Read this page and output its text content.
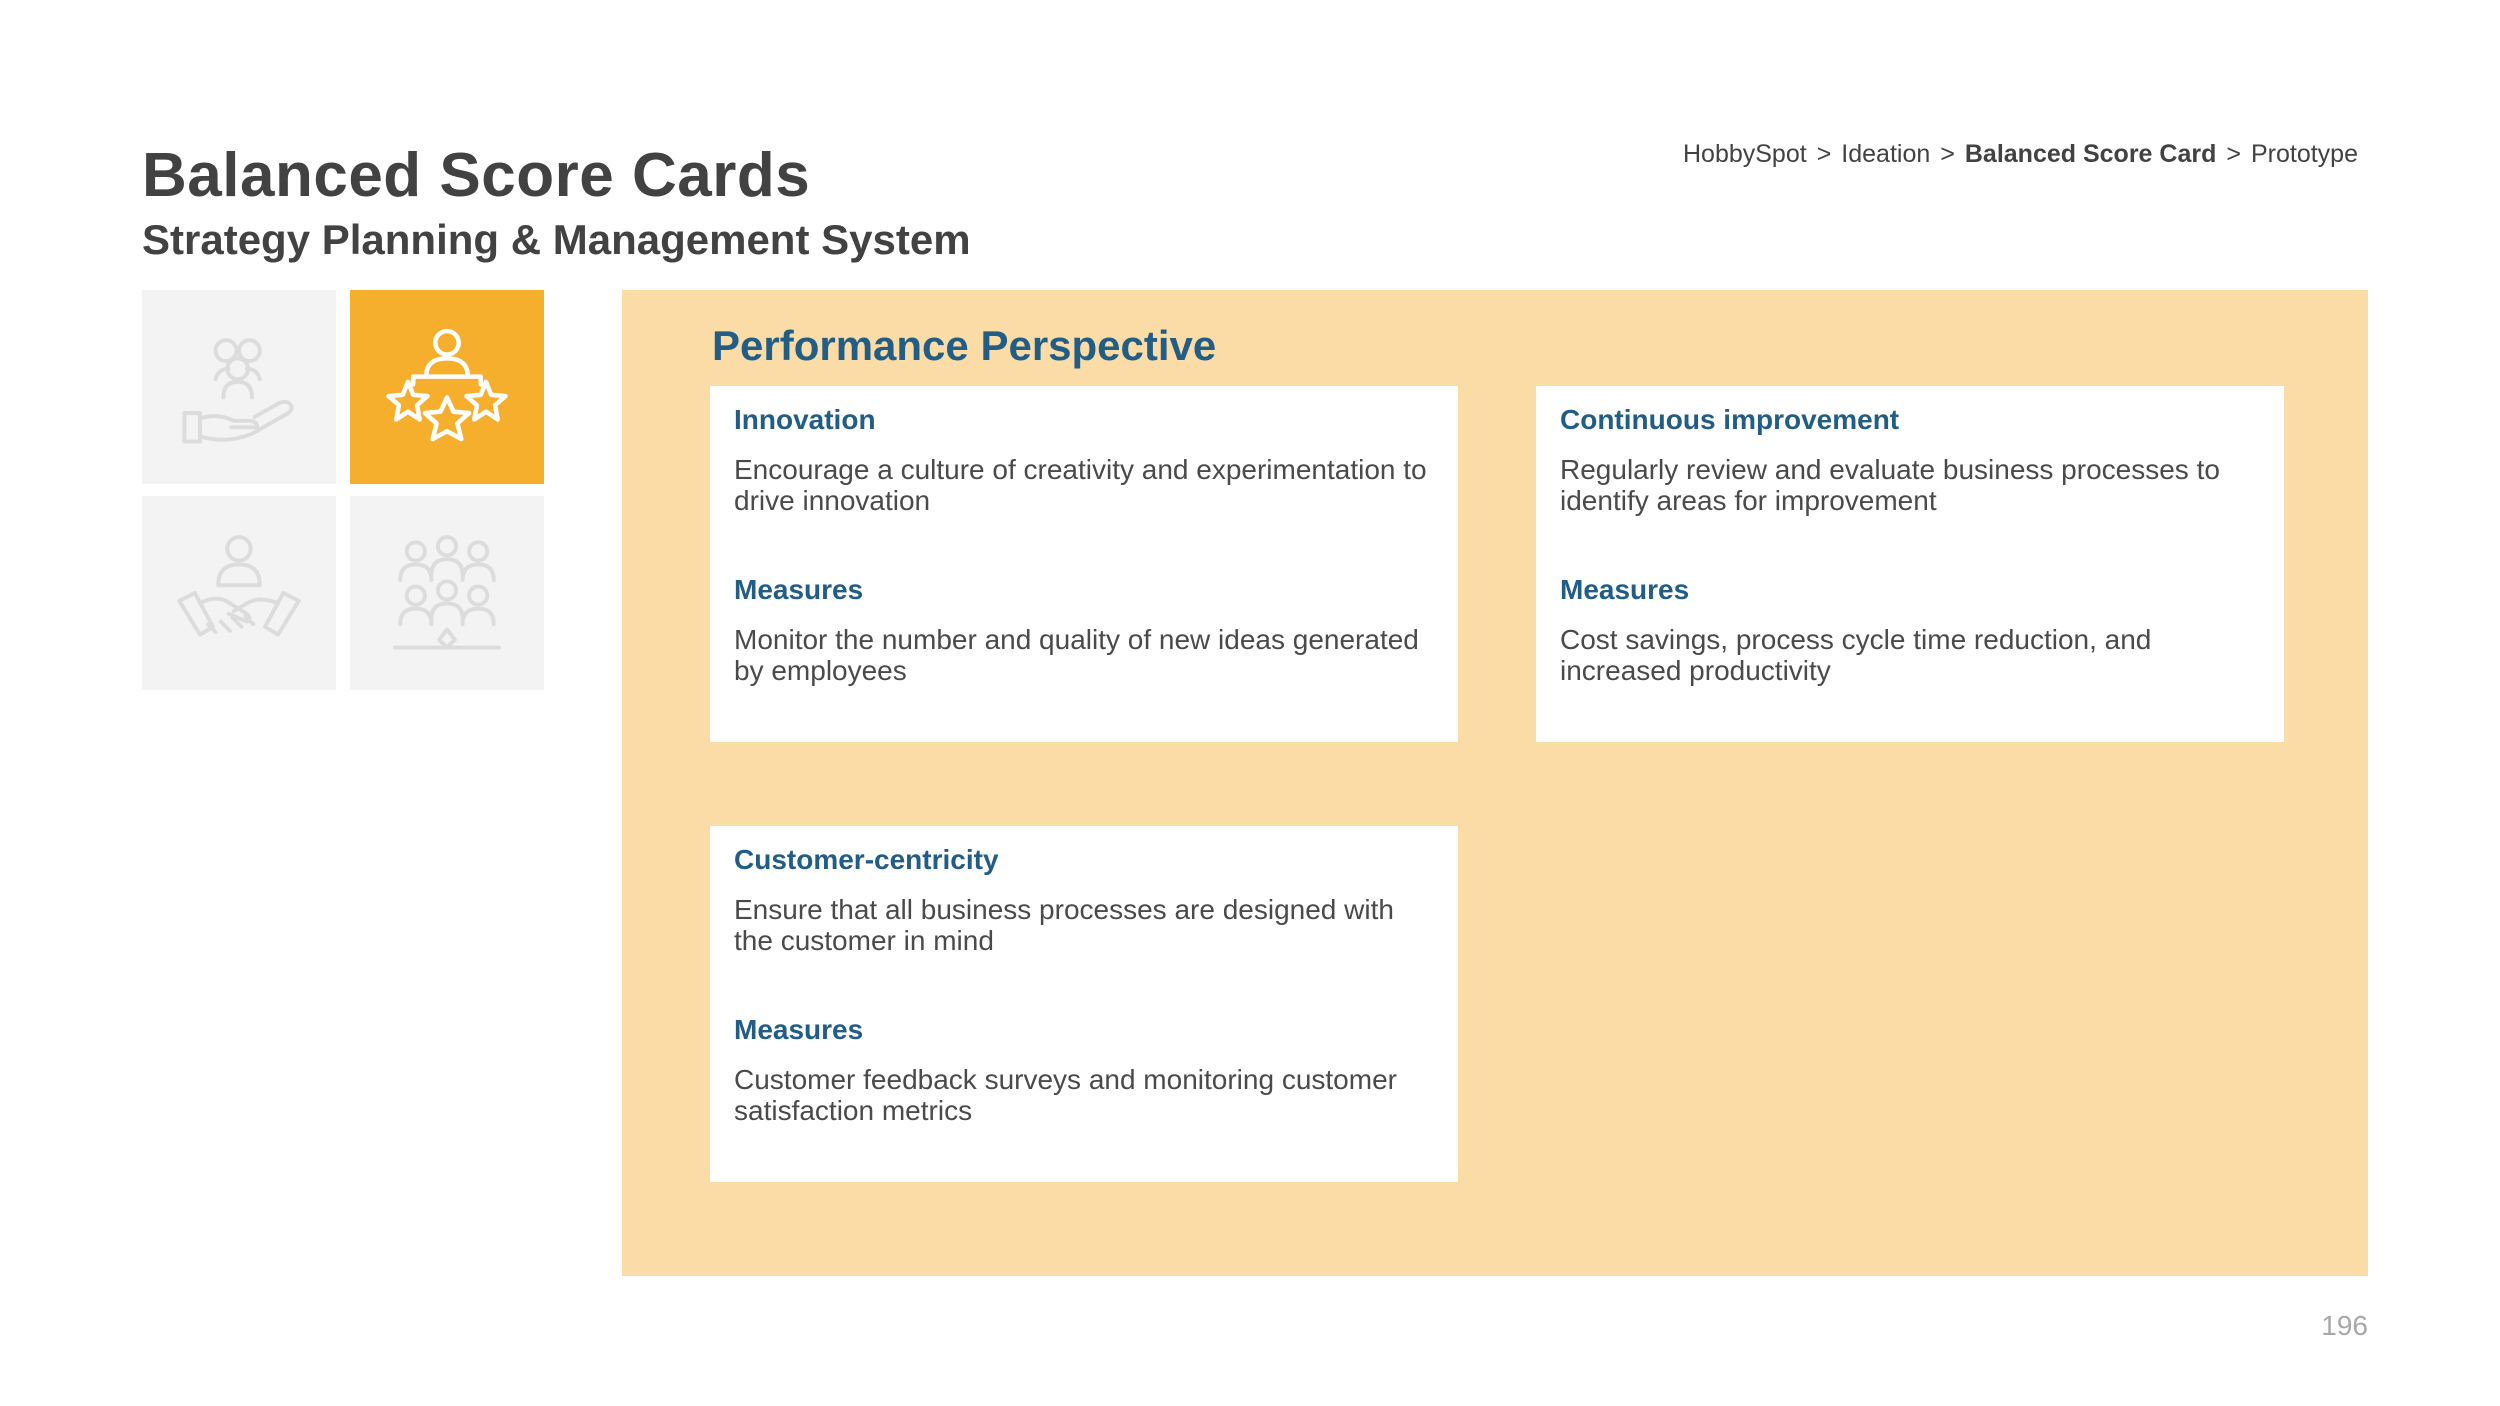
Balanced Score Cards
Strategy Planning & Management System
HobbySpot > Ideation > Balanced Score Card > Prototype
Performance Perspective

Innovation

Encourage a culture of creativity and experimentation to drive innovation

Measures

Monitor the number and quality of new ideas generated by employees

Continuous improvement

Regularly review and evaluate business processes to identify areas for improvement

Measures

Cost savings, process cycle time reduction, and increased productivity

Customer-centricity

Ensure that all business processes are designed with the customer in mind

Measures

Customer feedback surveys and monitoring customer satisfaction metrics

196
